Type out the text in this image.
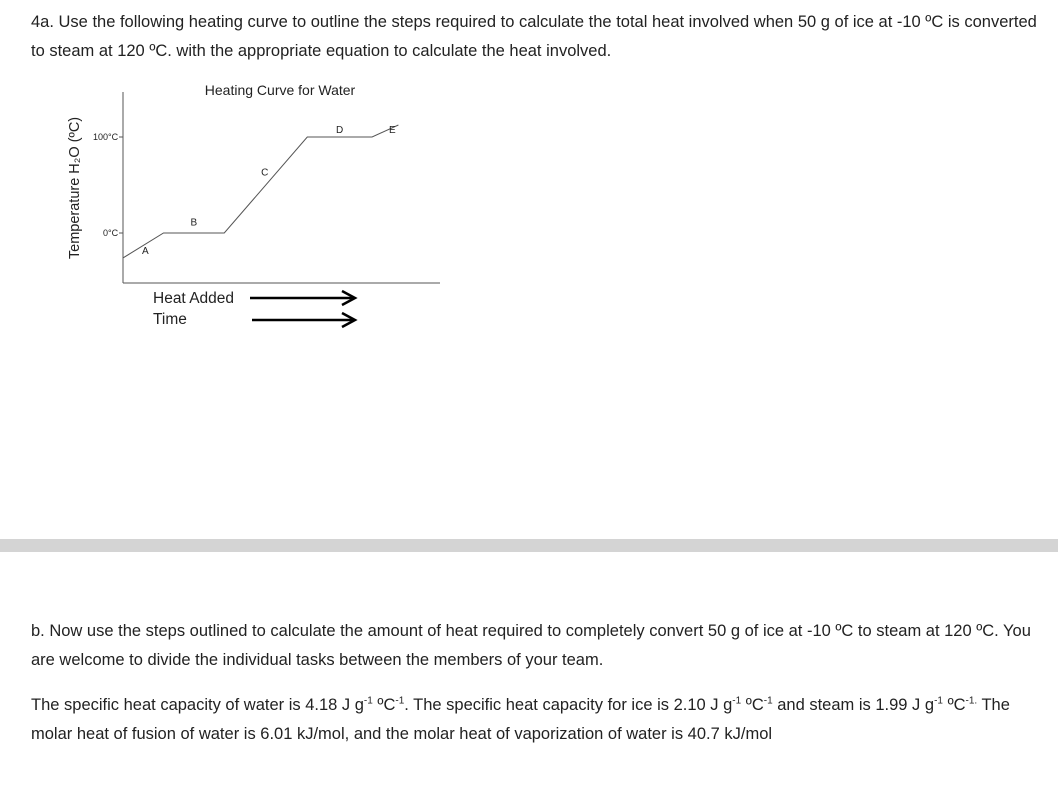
4a. Use the following heating curve to outline the steps required to calculate the total heat involved when 50 g of ice at -10 ºC is converted to steam at 120 ºC. with the appropriate equation to calculate the heat involved.
Heating Curve for Water
Temperature H₂O (ºC) 100°C
0°C
A
B
C
D	E
Heat Added
Time
b. Now use the steps outlined to calculate the amount of heat required to completely convert 50 g of ice at -10 ºC to steam at 120 ºC. You are welcome to divide the individual tasks between the members of your team.
The specific heat capacity of water is 4.18 J $g^{-1}$ ºC$^{-1}$. The specific heat capacity for ice is 2.10 J $g^{-1}$ ºC$^{-1}$ and steam is 1.99 J $g^{-1}$ ºC$^{-1.}$ The molar heat of fusion of water is 6.01 kJ/mol, and the molar heat of vaporization of water is 40.7 kJ/mol
